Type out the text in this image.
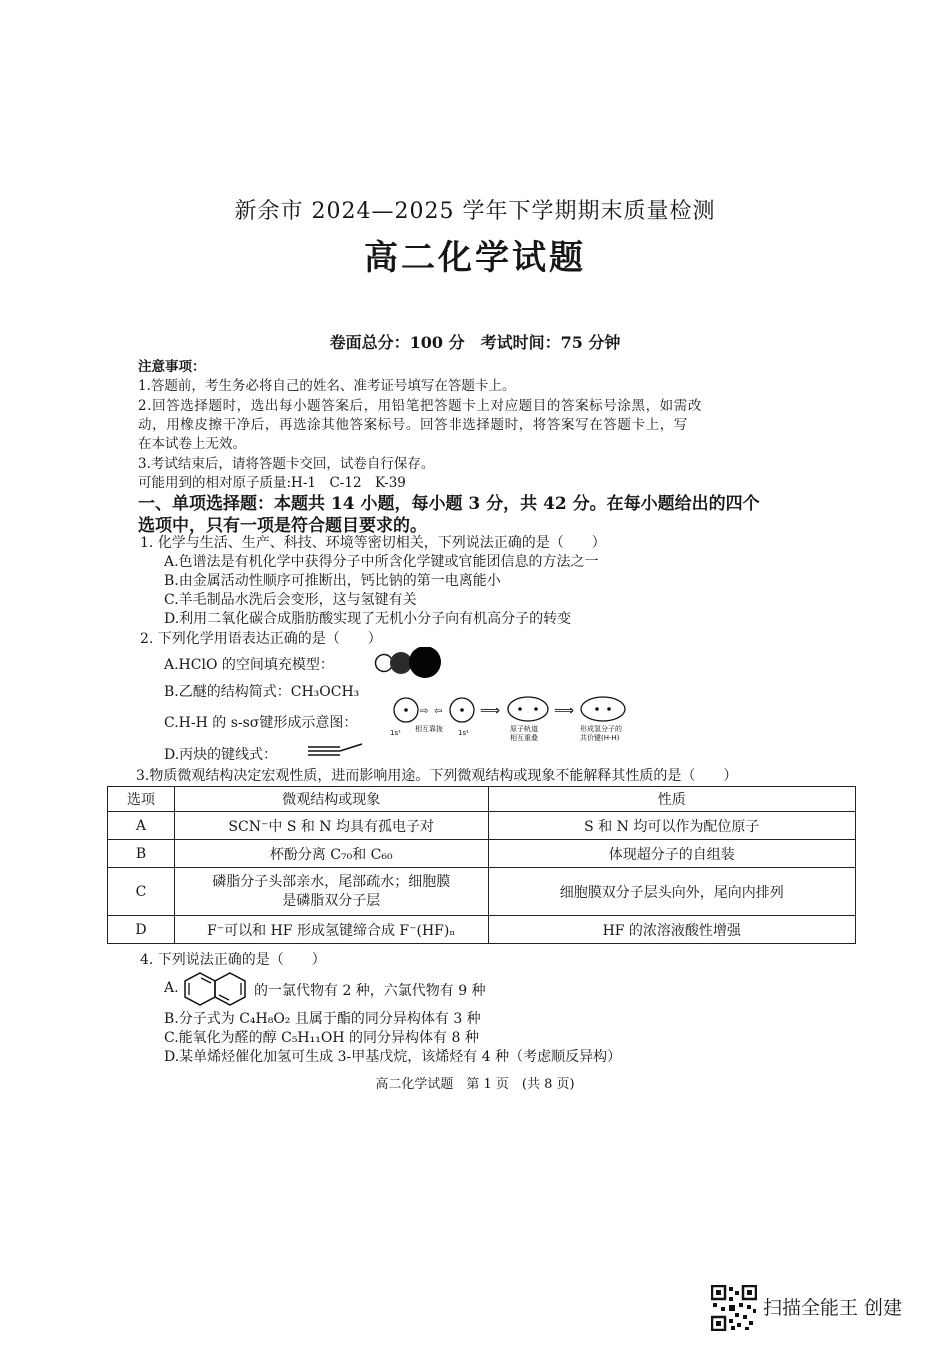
新余市 2024—2025 学年下学期期末质量检测
高二化学试题
卷面总分：100 分　考试时间：75 分钟
注意事项：
1.答题前，考生务必将自己的姓名、准考证号填写在答题卡上。
2.回答选择题时，选出每小题答案后，用铅笔把答题卡上对应题目的答案标号涂黑，如需改
动，用橡皮擦干净后，再选涂其他答案标号。回答非选择题时，将答案写在答题卡上，写
在本试卷上无效。
3.考试结束后，请将答题卡交回，试卷自行保存。
可能用到的相对原子质量:H-1　C-12　K-39
一、单项选择题：本题共 14 小题，每小题 3 分，共 42 分。在每小题给出的四个
选项中，只有一项是符合题目要求的。
1. 化学与生活、生产、科技、环境等密切相关，下列说法正确的是（　　）
A.色谱法是有机化学中获得分子中所含化学键或官能团信息的方法之一
B.由金属活动性顺序可推断出，钙比钠的第一电离能小
C.羊毛制品水洗后会变形，这与氢键有关
D.利用二氧化碳合成脂肪酸实现了无机小分子向有机高分子的转变
2. 下列化学用语表达正确的是（　　）
A.HClO 的空间填充模型：
B.乙醚的结构简式：CH₃OCH₃
C.H-H 的 s-sσ键形成示意图：
⇨ ⇦	⟹	⟹
1s¹ 相互靠拢 1s¹	原子轨道
相互重叠
形成氢分子的
共价键(H-H)
D.丙炔的键线式：
3.物质微观结构决定宏观性质，进而影响用途。下列微观结构或现象不能解释其性质的是（　　）
选项	微观结构或现象	性质
A	SCN⁻中 S 和 N 均具有孤电子对	S 和 N 均可以作为配位原子
B	杯酚分离 C₇₀和 C₆₀	体现超分子的自组装
C	磷脂分子头部亲水，尾部疏水；细胞膜
是磷脂双分子层	细胞膜双分子层头向外，尾向内排列
D	F⁻可以和 HF 形成氢键缔合成 F⁻(HF)ₙ	HF 的浓溶液酸性增强
4. 下列说法正确的是（　　）
A.	的一氯代物有 2 种，六氯代物有 9 种
B.分子式为 C₄H₈O₂ 且属于酯的同分异构体有 3 种
C.能氧化为醛的醇 C₅H₁₁OH 的同分异构体有 8 种
D.某单烯烃催化加氢可生成 3-甲基戊烷，该烯烃有 4 种（考虑顺反异构）
高二化学试题　第 1 页　(共 8 页)
扫描全能王 创建
